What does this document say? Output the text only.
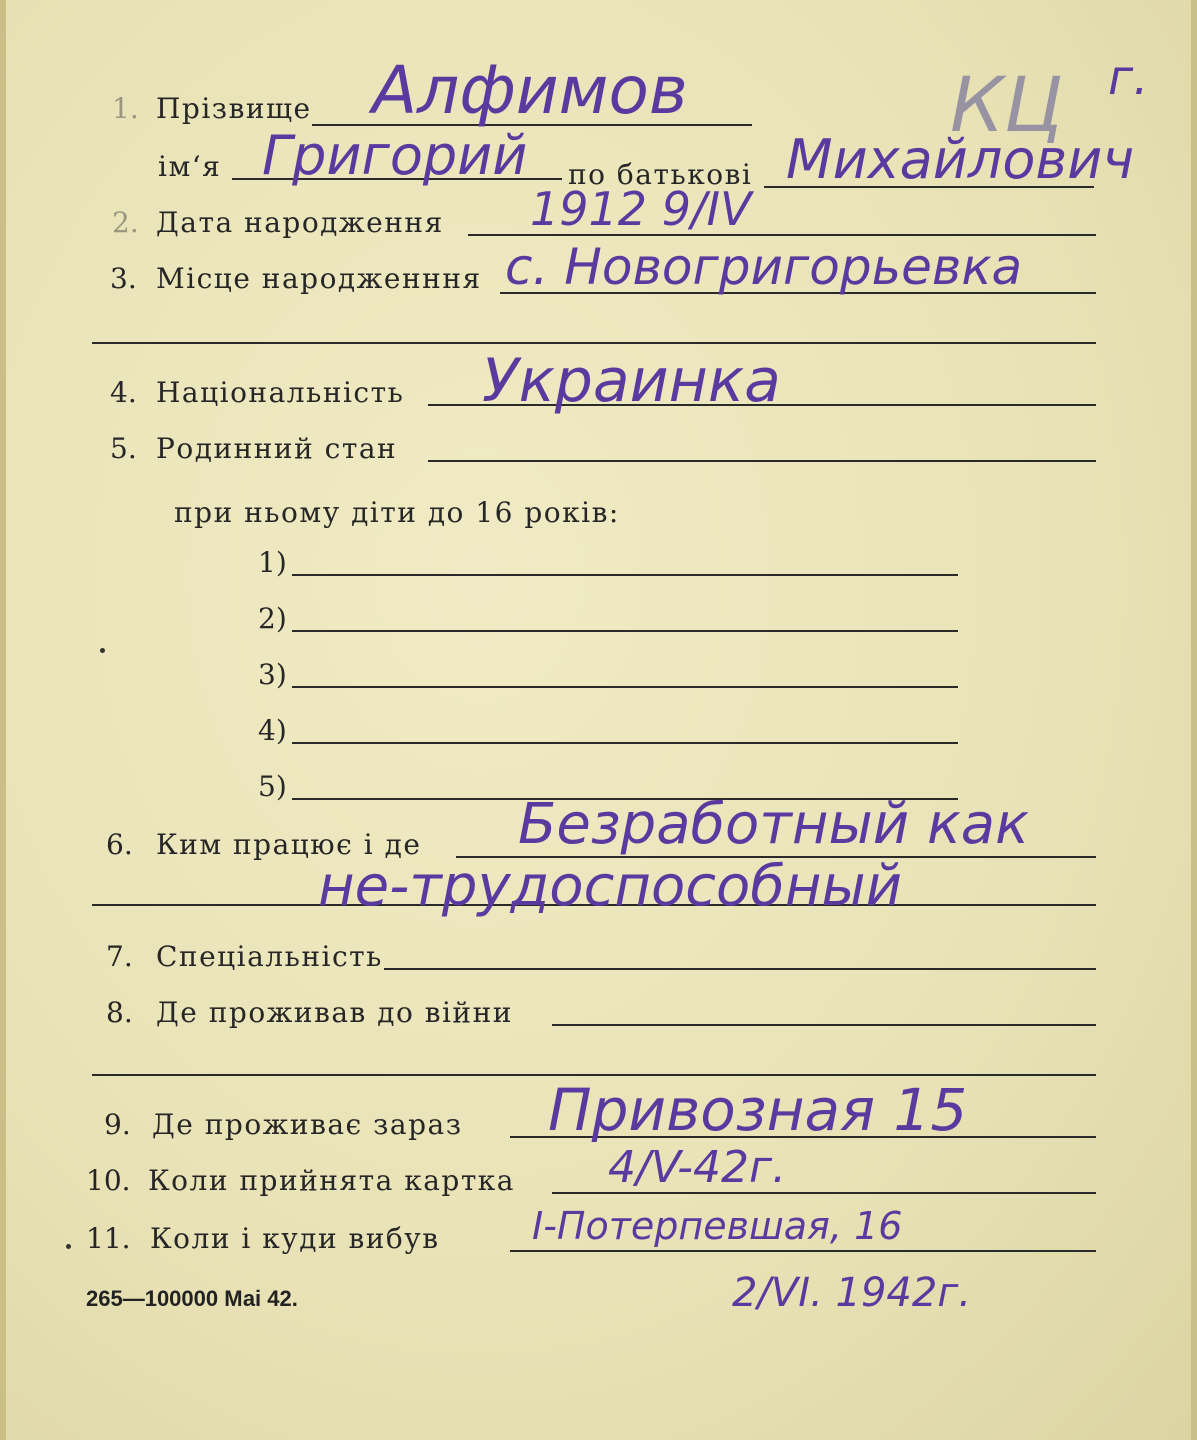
1. Прізвище Алфимов	КЦ г.
ім‘я Григорий по батькові Михайлович
2. Дата народження 1912 9/IV
3. Місце народженння с. Новогригорьевка
4. Національність Украинка
5. Родинний стан
при ньому діти до 16 років:
1)
2)
3)
4)
5)
6. Ким працює і де Безработный как
не-трудоспособный
7. Спеціальність
8. Де проживав до війни
9. Де проживає зараз Привозная 15
10. Коли прийнята картка 4/V-42г.
11. Коли і куди вибув I-Потерпевшая, 16
2/VI. 1942г.
265—100000 Маі 42.
